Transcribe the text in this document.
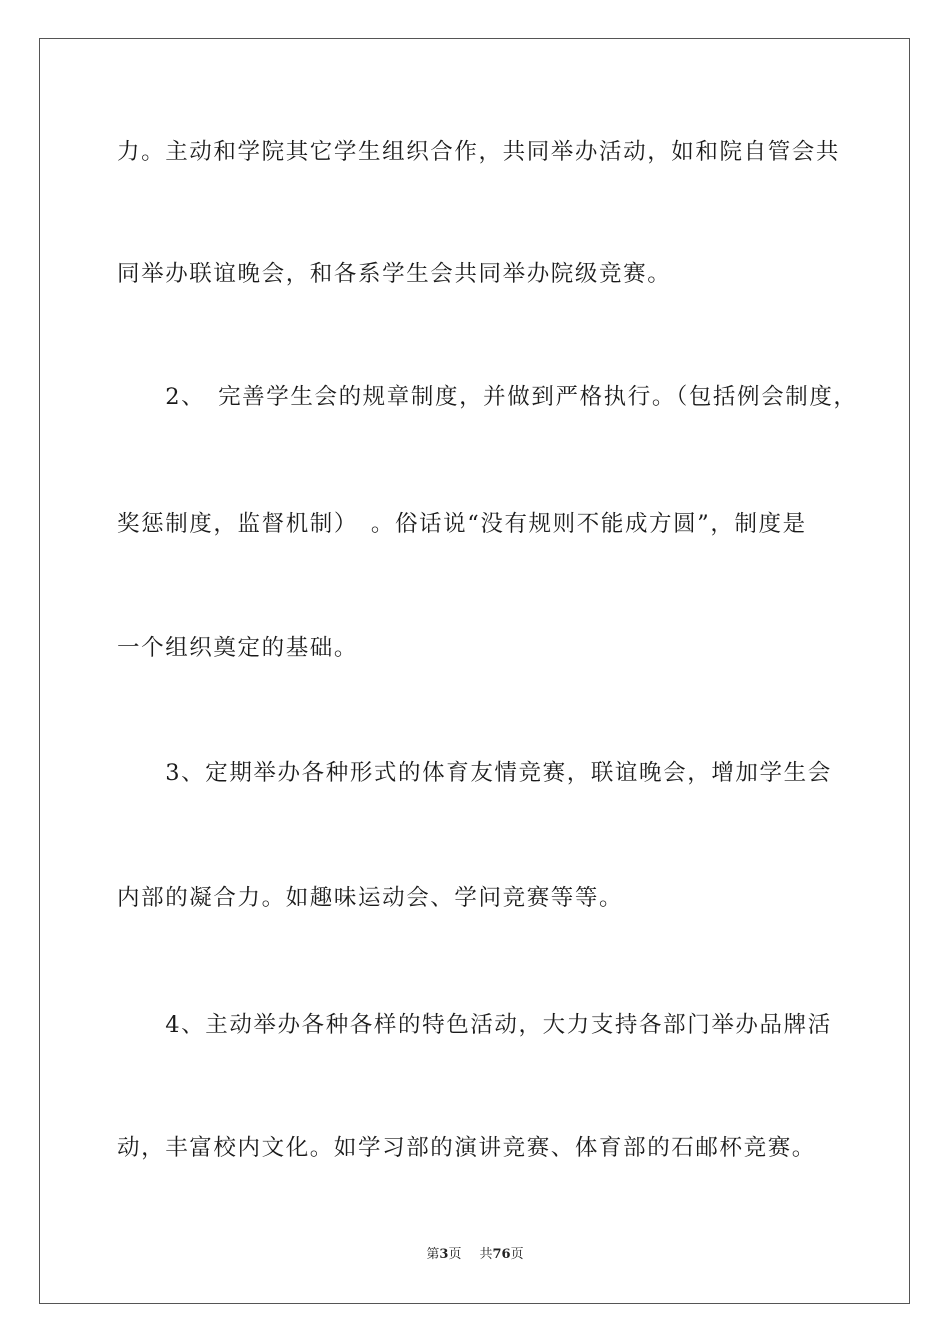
力。主动和学院其它学生组织合作，共同举办活动，如和院自管会共
同举办联谊晚会，和各系学生会共同举办院级竞赛。
　　2、　完善学生会的规章制度，并做到严格执行。（包括例会制度，
奖惩制度，监督机制）　。俗话说“没有规则不能成方圆”，制度是
一个组织奠定的基础。
　　3、定期举办各种形式的体育友情竞赛，联谊晚会，增加学生会
内部的凝合力。如趣味运动会、学问竞赛等等。
　　4、主动举办各种各样的特色活动，大力支持各部门举办品牌活
动，丰富校内文化。如学习部的演讲竞赛、体育部的石邮杯竞赛。
第3页 共76页
